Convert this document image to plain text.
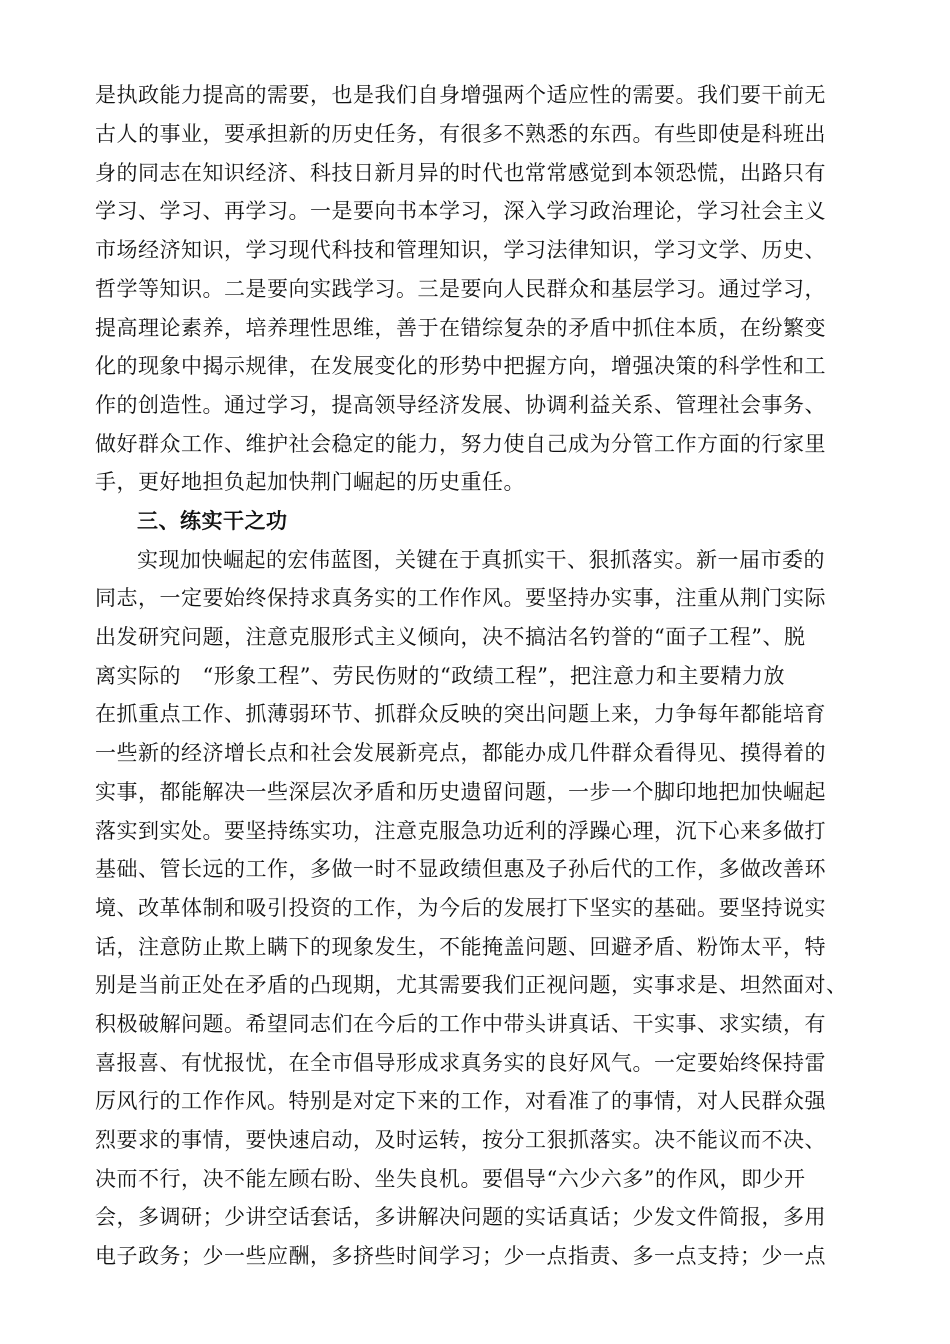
是执政能力提高的需要，也是我们自身增强两个适应性的需要。我们要干前无
古人的事业，要承担新的历史任务，有很多不熟悉的东西。有些即使是科班出
身的同志在知识经济、科技日新月异的时代也常常感觉到本领恐慌，出路只有
学习、学习、再学习。一是要向书本学习，深入学习政治理论，学习社会主义
市场经济知识，学习现代科技和管理知识，学习法律知识，学习文学、历史、
哲学等知识。二是要向实践学习。三是要向人民群众和基层学习。通过学习，
提高理论素养，培养理性思维，善于在错综复杂的矛盾中抓住本质，在纷繁变
化的现象中揭示规律，在发展变化的形势中把握方向，增强决策的科学性和工
作的创造性。通过学习，提高领导经济发展、协调利益关系、管理社会事务、
做好群众工作、维护社会稳定的能力，努力使自己成为分管工作方面的行家里
手，更好地担负起加快荆门崛起的历史重任。
三、练实干之功
实现加快崛起的宏伟蓝图，关键在于真抓实干、狠抓落实。新一届市委的
同志，一定要始终保持求真务实的工作作风。要坚持办实事，注重从荆门实际
出发研究问题，注意克服形式主义倾向，决不搞沽名钓誉的“面子工程”、脱
离实际的　“形象工程”、劳民伤财的“政绩工程”，把注意力和主要精力放
在抓重点工作、抓薄弱环节、抓群众反映的突出问题上来，力争每年都能培育
一些新的经济增长点和社会发展新亮点，都能办成几件群众看得见、摸得着的
实事，都能解决一些深层次矛盾和历史遗留问题，一步一个脚印地把加快崛起
落实到实处。要坚持练实功，注意克服急功近利的浮躁心理，沉下心来多做打
基础、管长远的工作，多做一时不显政绩但惠及子孙后代的工作，多做改善环
境、改革体制和吸引投资的工作，为今后的发展打下坚实的基础。要坚持说实
话，注意防止欺上瞒下的现象发生，不能掩盖问题、回避矛盾、粉饰太平，特
别是当前正处在矛盾的凸现期，尤其需要我们正视问题，实事求是、坦然面对、
积极破解问题。希望同志们在今后的工作中带头讲真话、干实事、求实绩，有
喜报喜、有忧报忧，在全市倡导形成求真务实的良好风气。一定要始终保持雷
厉风行的工作作风。特别是对定下来的工作，对看准了的事情，对人民群众强
烈要求的事情，要快速启动，及时运转，按分工狠抓落实。决不能议而不决、
决而不行，决不能左顾右盼、坐失良机。要倡导“六少六多”的作风，即少开
会，多调研；少讲空话套话，多讲解决问题的实话真话；少发文件简报，多用
电子政务；少一些应酬，多挤些时间学习；少一点指责、多一点支持；少一点
